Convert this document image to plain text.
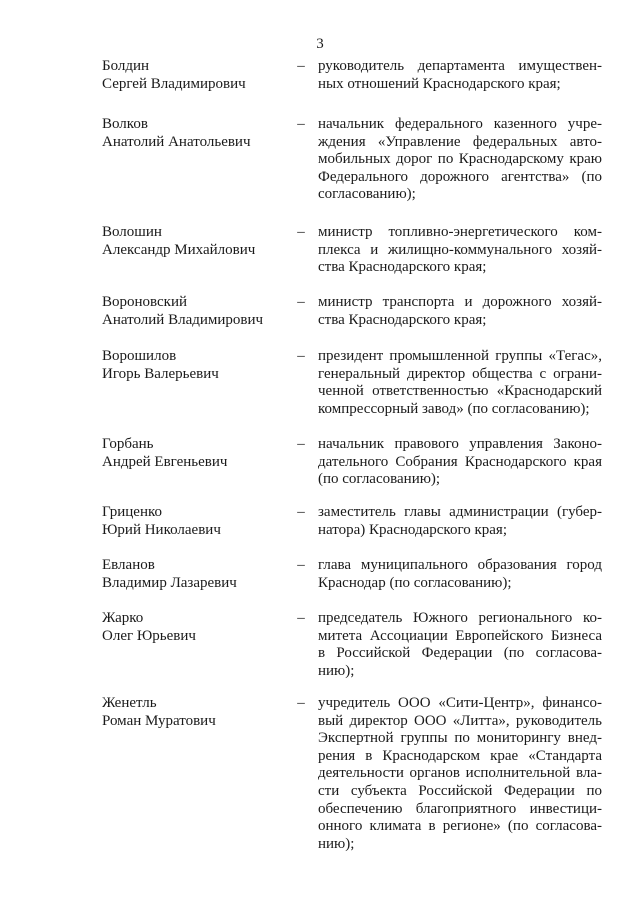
3
Болдин
Сергей Владимирович
– руководитель департамента имуществен-
ных отношений Краснодарского края;
Волков
Анатолий Анатольевич
– начальник федерального казенного учре-
ждения «Управление федеральных авто-
мобильных дорог по Краснодарскому краю
Федерального дорожного агентства» (по
согласованию);
Волошин
Александр Михайлович
– министр топливно-энергетического ком-
плекса и жилищно-коммунального хозяй-
ства Краснодарского края;
Вороновский
Анатолий Владимирович
– министр транспорта и дорожного хозяй-
ства Краснодарского края;
Ворошилов
Игорь Валерьевич
– президент промышленной группы «Тегас»,
генеральный директор общества с ограни-
ченной ответственностью «Краснодарский
компрессорный завод» (по согласованию);
Горбань
Андрей Евгеньевич
– начальник правового управления Законо-
дательного Собрания Краснодарского края
(по согласованию);
Гриценко
Юрий Николаевич
– заместитель главы администрации (губер-
натора) Краснодарского края;
Евланов
Владимир Лазаревич
– глава муниципального образования город
Краснодар (по согласованию);
Жарко
Олег Юрьевич
– председатель Южного регионального ко-
митета Ассоциации Европейского Бизнеса
в Российской Федерации (по согласова-
нию);
Женетль
Роман Муратович
– учредитель ООО «Сити-Центр», финансо-
вый директор ООО «Литта», руководитель
Экспертной группы по мониторингу внед-
рения в Краснодарском крае «Стандарта
деятельности органов исполнительной вла-
сти субъекта Российской Федерации по
обеспечению благоприятного инвестици-
онного климата в регионе» (по согласова-
нию);
